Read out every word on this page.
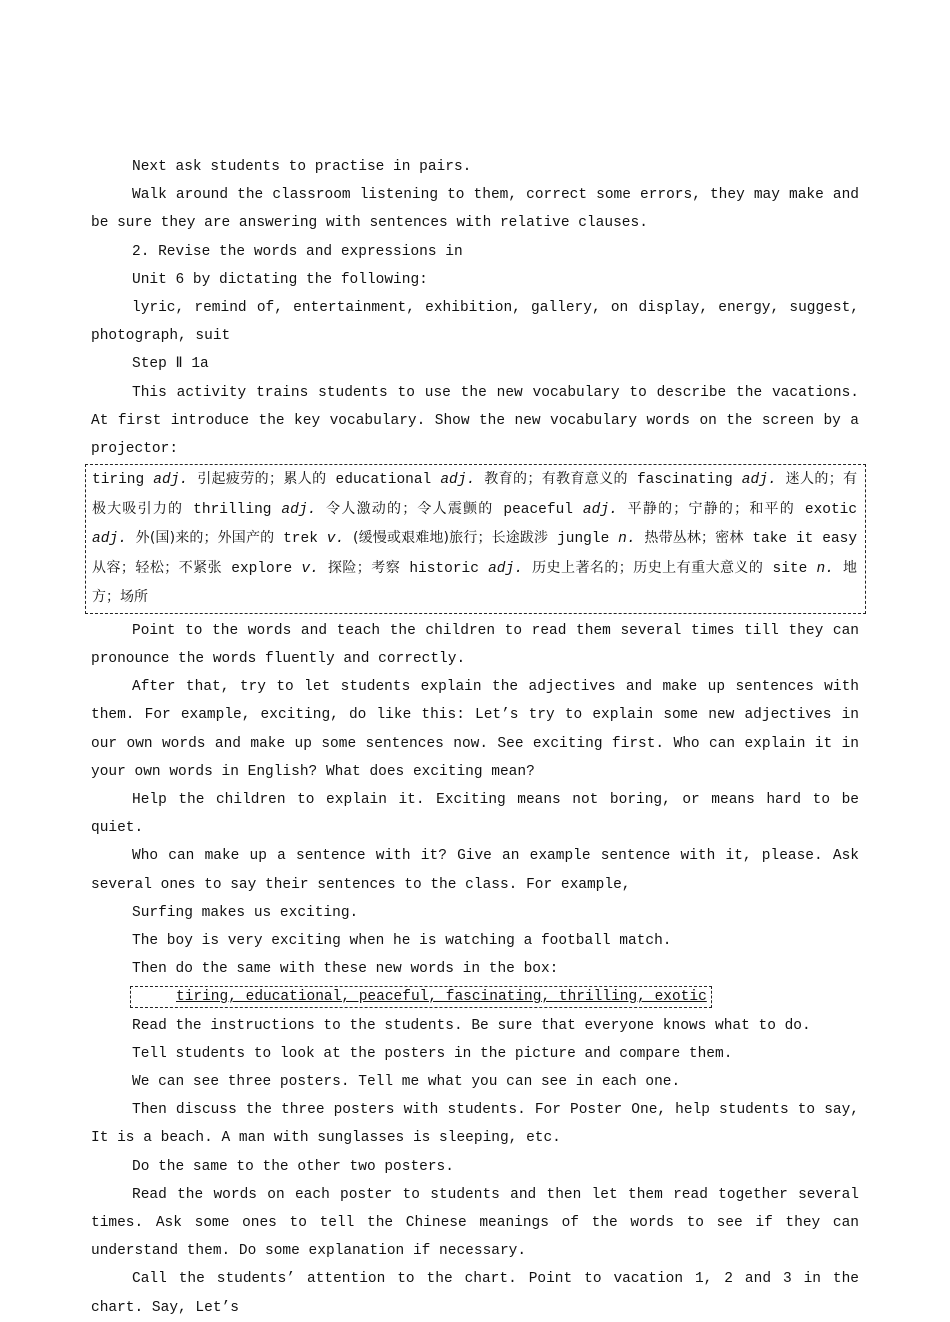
Next ask students to practise in pairs.

Walk around the classroom listening to them, correct some errors, they may make and be sure they are answering with sentences with relative clauses.

2. Revise the words and expressions in

Unit 6 by dictating the following:

lyric, remind of, entertainment, exhibition, gallery, on display, energy, suggest, photograph, suit

Step Ⅱ 1a

This activity trains students to use the new vocabulary to describe the vacations. At first introduce the key vocabulary. Show the new vocabulary words on the screen by a projector:

tiring adj. 引起疲劳的；累人的 educational adj. 教育的；有教育意义的 fascinating adj. 迷人的；有极大吸引力的 thrilling adj. 令人激动的；令人震颤的 peaceful adj. 平静的；宁静的；和平的 exotic adj. 外(国)来的；外国产的 trek v. (缓慢或艰难地)旅行；长途跋涉 jungle n. 热带丛林；密林 take it easy 从容；轻松；不紧张 explore v. 探险；考察 historic adj. 历史上著名的；历史上有重大意义的 site n. 地方；场所

Point to the words and teach the children to read them several times till they can pronounce the words fluently and correctly.

After that, try to let students explain the adjectives and make up sentences with them. For example, exciting, do like this: Let’s try to explain some new adjectives in our own words and make up some sentences now. See exciting first. Who can explain it in your own words in English? What does exciting mean?

Help the children to explain it. Exciting means not boring, or means hard to be quiet.

Who can make up a sentence with it? Give an example sentence with it, please. Ask several ones to say their sentences to the class. For example,

Surfing makes us exciting.

The boy is very exciting when he is watching a football match.

Then do the same with these new words in the box:

tiring, educational, peaceful, fascinating, thrilling, exotic

Read the instructions to the students. Be sure that everyone knows what to do.

Tell students to look at the posters in the picture and compare them.

We can see three posters. Tell me what you can see in each one.

Then discuss the three posters with students. For Poster One, help students to say, It is a beach. A man with sunglasses is sleeping, etc.

Do the same to the other two posters.

Read the words on each poster to students and then let them read together several times. Ask some ones to tell the Chinese meanings of the words to see if they can understand them. Do some explanation if necessary.

Call the students’ attention to the chart. Point to vacation 1, 2 and 3 in the chart. Say, Let’s
